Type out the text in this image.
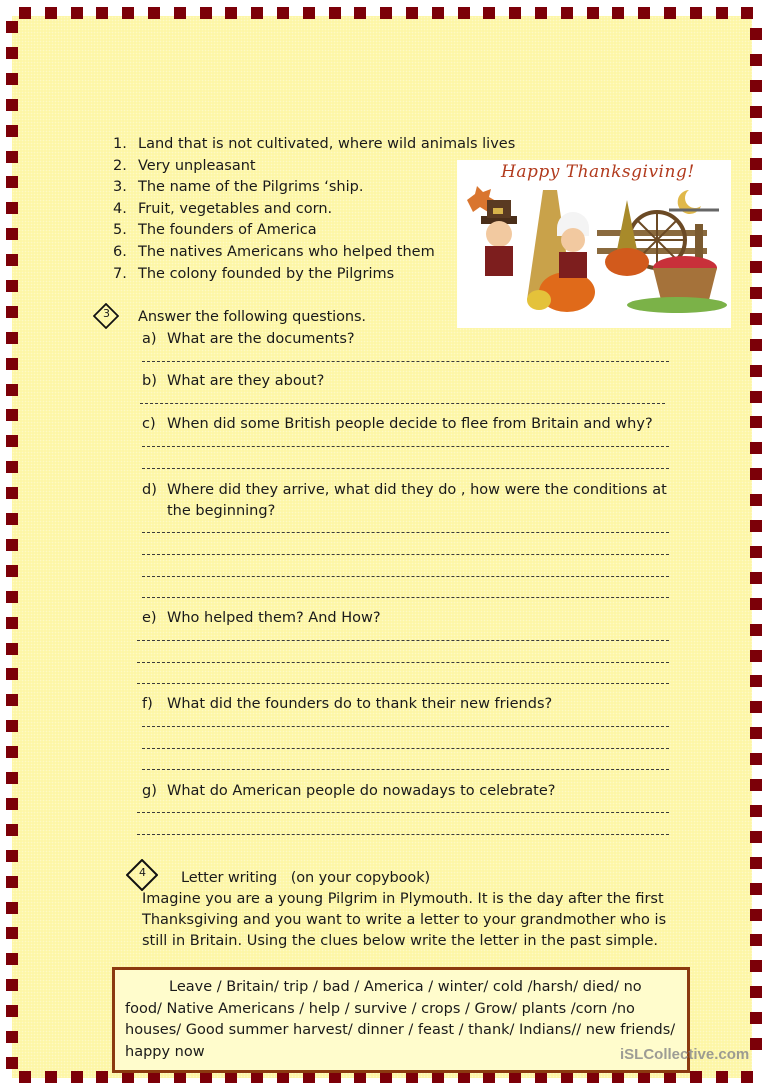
1. Land that is not cultivated, where wild animals lives
2. Very unpleasant
3. The name of the Pilgrims ‘ship.
4. Fruit, vegetables and corn.
5. The founders of America
6. The natives Americans who helped them
7. The colony founded by the Pilgrims
Happy Thanksgiving!
3 Answer the following questions.
a) What are the documents?
b) What are they about?
c) When did some British people decide to flee from Britain and why?
d) Where did they arrive, what did they do , how were the conditions at
the beginning?
e) Who helped them? And How?
f) What did the founders do to thank their new friends?
g) What do American people do nowadays to celebrate?
4 Letter writing   (on your copybook)
Imagine you are a young Pilgrim in Plymouth. It is the day after the first
Thanksgiving and you want to write a letter to your grandmother who is
still in Britain. Using the clues below write the letter in the past simple.

Leave / Britain/ trip / bad / America / winter/ cold /harsh/ died/ no food/ Native Americans / help / survive / crops / Grow/ plants /corn /no houses/ Good summer harvest/ dinner / feast / thank/ Indians// new friends/ happy now	iSLCollective.com
